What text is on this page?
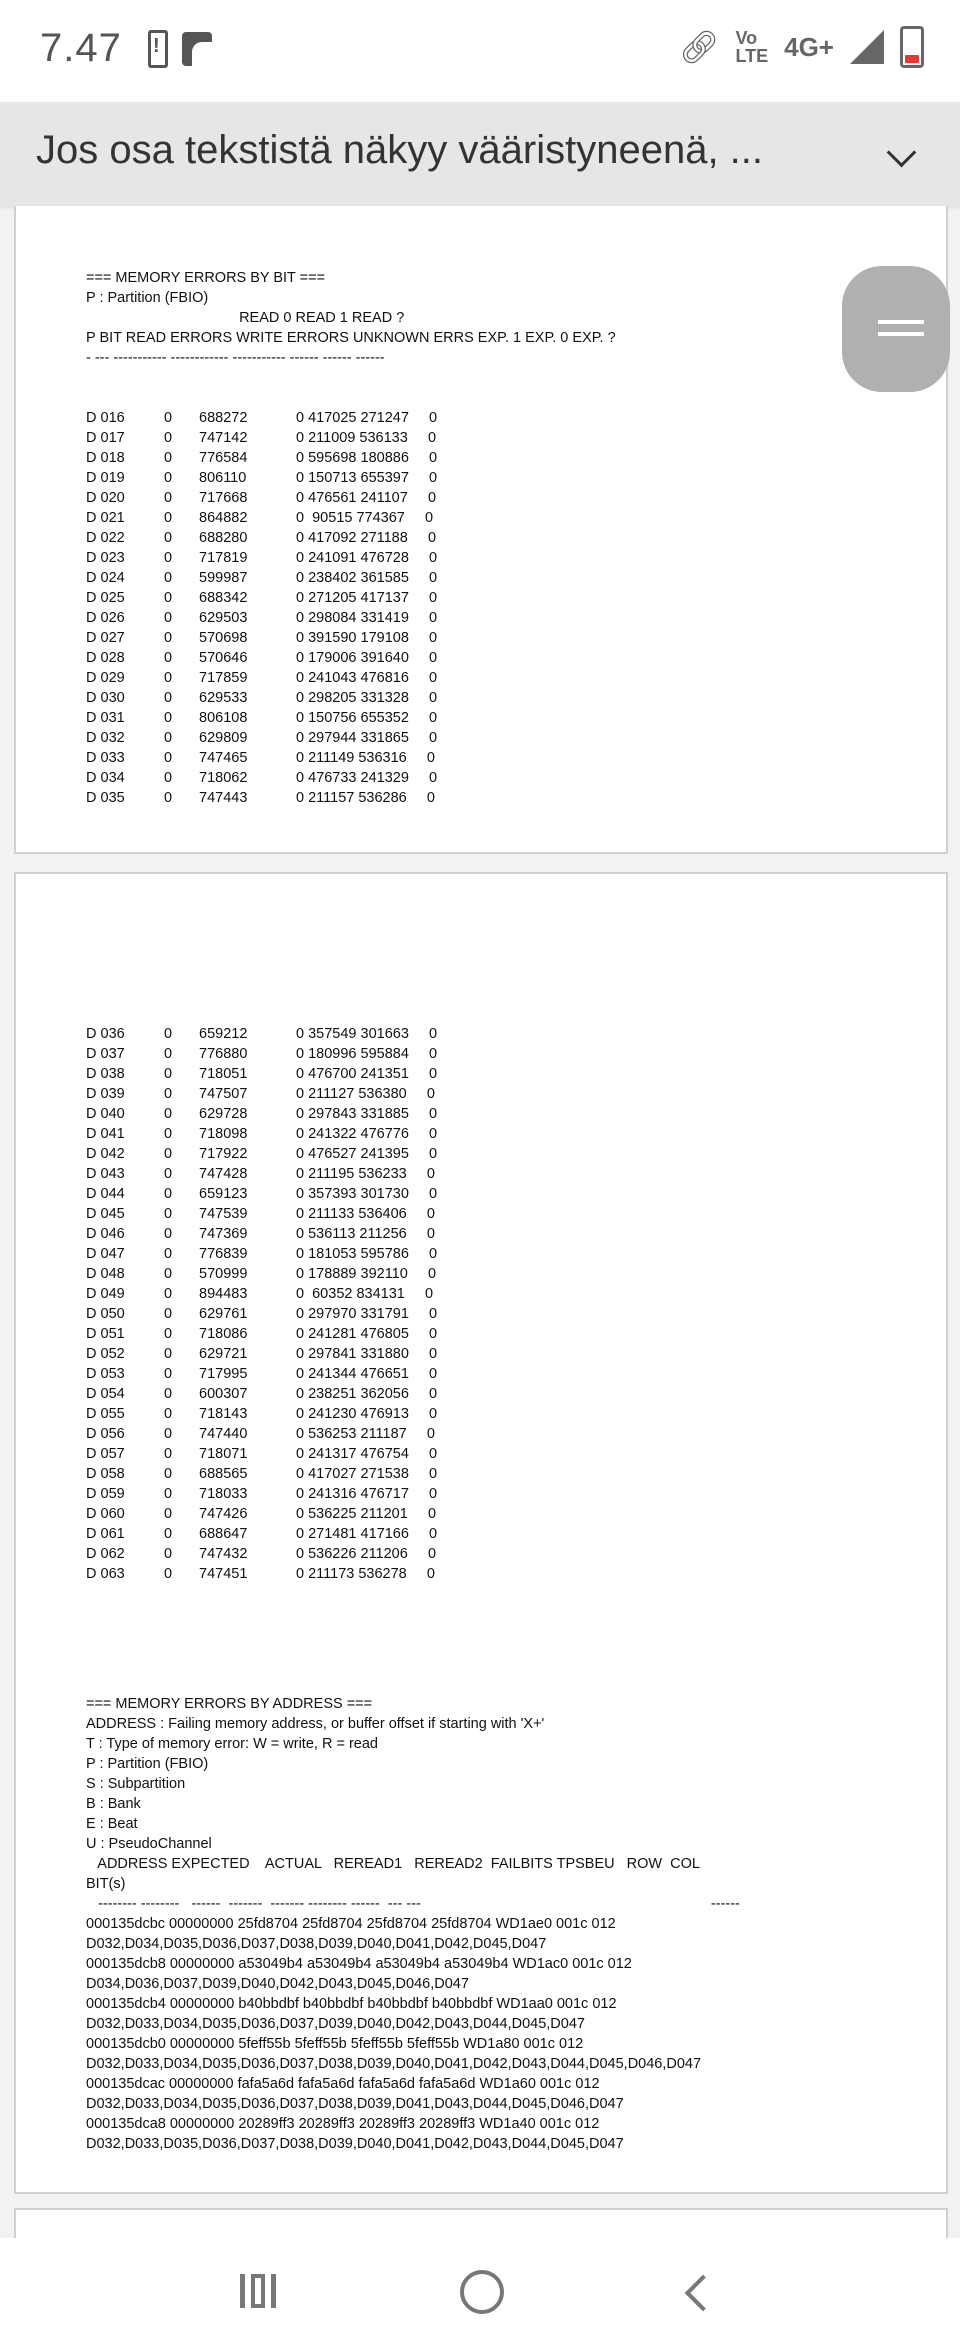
7.47
!	🔗︎ Vo
LTE 4G+
Jos osa tekstistä näkyy vääristyneenä, ...

=== MEMORY ERRORS BY BIT ===
P : Partition (FBIO)
READ 0 READ 1 READ ?
P BIT READ ERRORS WRITE ERRORS UNKNOWN ERRS EXP. 1 EXP. 0 EXP. ?
- --- ----------- ------------ ----------- ------ ------ ------

D 016	0 688272	0 417025 271247     0
D 017	0 747142	0 211009 536133     0
D 018	0 776584	0 595698 180886     0
D 019	0 806110	0 150713 655397     0
D 020	0 717668	0 476561 241107     0
D 021	0 864882	0  90515 774367     0
D 022	0 688280	0 417092 271188     0
D 023	0 717819	0 241091 476728     0
D 024	0 599987	0 238402 361585     0
D 025	0 688342	0 271205 417137     0
D 026	0 629503	0 298084 331419     0
D 027	0 570698	0 391590 179108     0
D 028	0 570646	0 179006 391640     0
D 029	0 717859	0 241043 476816     0
D 030	0 629533	0 298205 331328     0
D 031	0 806108	0 150756 655352     0
D 032	0 629809	0 297944 331865     0
D 033	0 747465	0 211149 536316     0
D 034	0 718062	0 476733 241329     0
D 035	0 747443	0 211157 536286     0

D 036	0 659212	0 357549 301663     0
D 037	0 776880	0 180996 595884     0
D 038	0 718051	0 476700 241351     0
D 039	0 747507	0 211127 536380     0
D 040	0 629728	0 297843 331885     0
D 041	0 718098	0 241322 476776     0
D 042	0 717922	0 476527 241395     0
D 043	0 747428	0 211195 536233     0
D 044	0 659123	0 357393 301730     0
D 045	0 747539	0 211133 536406     0
D 046	0 747369	0 536113 211256     0
D 047	0 776839	0 181053 595786     0
D 048	0 570999	0 178889 392110     0
D 049	0 894483	0  60352 834131     0
D 050	0 629761	0 297970 331791     0
D 051	0 718086	0 241281 476805     0
D 052	0 629721	0 297841 331880     0
D 053	0 717995	0 241344 476651     0
D 054	0 600307	0 238251 362056     0
D 055	0 718143	0 241230 476913     0
D 056	0 747440	0 536253 211187     0
D 057	0 718071	0 241317 476754     0
D 058	0 688565	0 417027 271538     0
D 059	0 718033	0 241316 476717     0
D 060	0 747426	0 536225 211201     0
D 061	0 688647	0 271481 417166     0
D 062	0 747432	0 536226 211206     0
D 063	0 747451	0 211173 536278     0

=== MEMORY ERRORS BY ADDRESS ===
ADDRESS : Failing memory address, or buffer offset if starting with 'X+'
T : Type of memory error: W = write, R = read
P : Partition (FBIO)
S : Subpartition
B : Bank
E : Beat
U : PseudoChannel
ADDRESS EXPECTED    ACTUAL   REREAD1   REREAD2  FAILBITS TPSBEU   ROW  COL
BIT(s)
-------- --------   ------  -------  ------- -------- ------  --- ---                                                                        ------
000135dcbc 00000000 25fd8704 25fd8704 25fd8704 25fd8704 WD1ae0 001c 012
D032,D034,D035,D036,D037,D038,D039,D040,D041,D042,D045,D047
000135dcb8 00000000 a53049b4 a53049b4 a53049b4 a53049b4 WD1ac0 001c 012
D034,D036,D037,D039,D040,D042,D043,D045,D046,D047
000135dcb4 00000000 b40bbdbf b40bbdbf b40bbdbf b40bbdbf WD1aa0 001c 012
D032,D033,D034,D035,D036,D037,D039,D040,D042,D043,D044,D045,D047
000135dcb0 00000000 5feff55b 5feff55b 5feff55b 5feff55b WD1a80 001c 012
D032,D033,D034,D035,D036,D037,D038,D039,D040,D041,D042,D043,D044,D045,D046,D047
000135dcac 00000000 fafa5a6d fafa5a6d fafa5a6d fafa5a6d WD1a60 001c 012
D032,D033,D034,D035,D036,D037,D038,D039,D041,D043,D044,D045,D046,D047
000135dca8 00000000 20289ff3 20289ff3 20289ff3 20289ff3 WD1a40 001c 012
D032,D033,D035,D036,D037,D038,D039,D040,D041,D042,D043,D044,D045,D047
